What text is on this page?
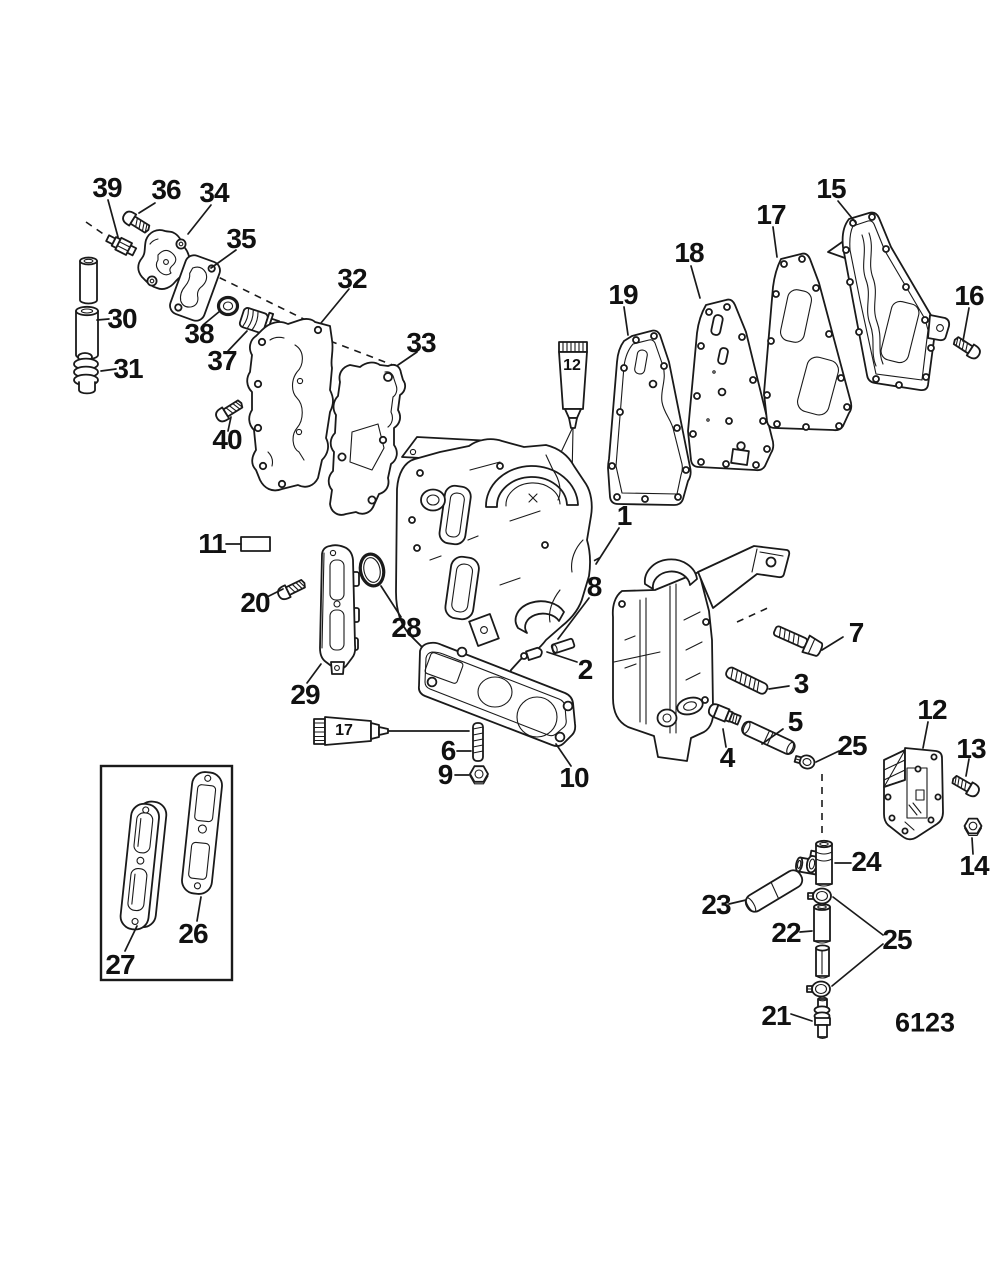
39 36 34
35
15
17
18
19	16
30 38
32
37
31
33
40
11
1
20
8
28	7
2	3
29
5
4
12
25	13
6
9	10
14
24
23
22	25
21
26
27
12
17
6123
